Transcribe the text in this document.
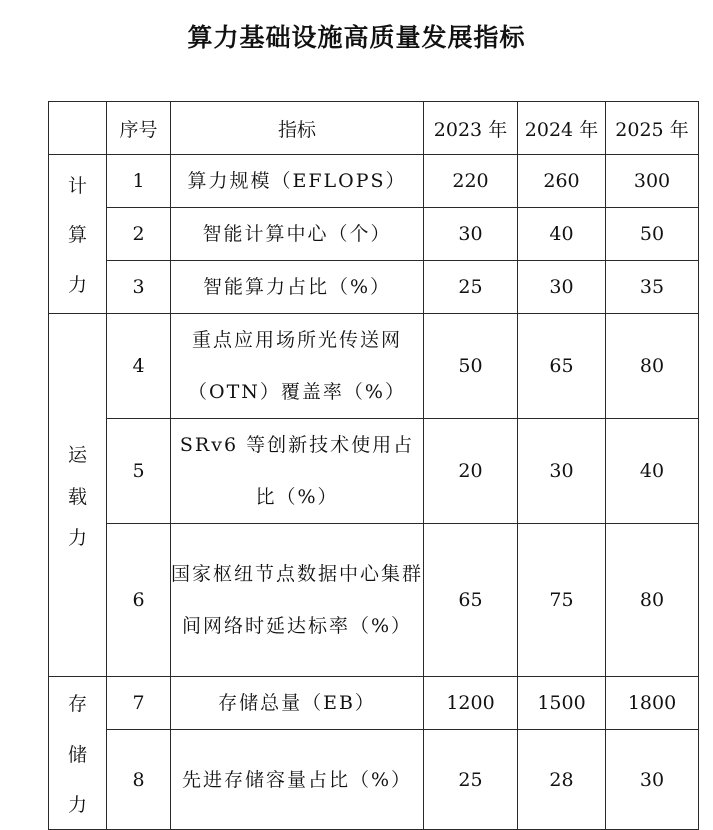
算力基础设施高质量发展指标
	序号	指标	2023 年	2024 年	2025 年

计
算
力	1	算力规模（EFLOPS）	220	260	300
	2	智能计算中心（个）	30	40	50
	3	智能算力占比（%）	25	30	35

运
载
力	4	重点应用场所光传送网（OTN）覆盖率（%）	50	65	80
	5	SRv6 等创新技术使用占比（%）	20	30	40
	6	国家枢纽节点数据中心集群间网络时延达标率（%）	65	75	80

存
储
力	7	存储总量（EB）	1200	1500	1800
	8	先进存储容量占比（%）	25	28	30
